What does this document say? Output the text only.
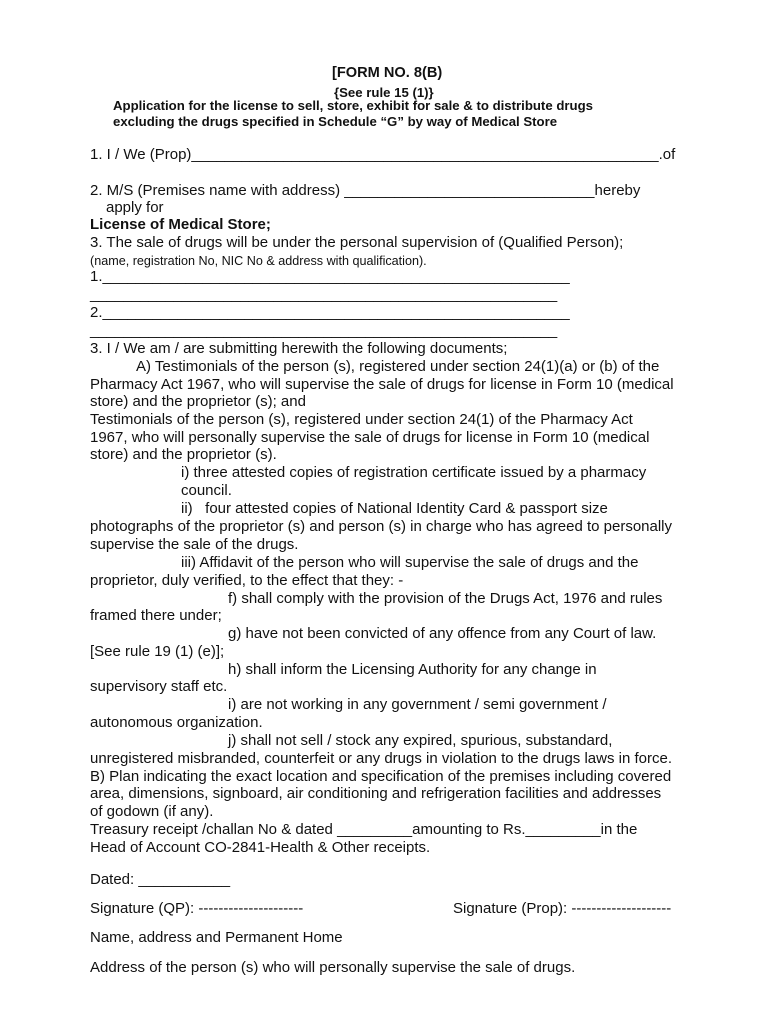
[FORM NO. 8(B)
{See rule 15 (1)}
Application for the license to sell, store, exhibit for sale & to distribute drugs
excluding the drugs specified in Schedule “G” by way of Medical Store
1. I / We (Prop)________________________________________________________.of
2. M/S (Premises name with address) ______________________________hereby
apply for
License of Medical Store;
3. The sale of drugs will be under the personal supervision of (Qualified Person);
(name, registration No, NIC No & address with qualification).
1.________________________________________________________
________________________________________________________
2.________________________________________________________
________________________________________________________
3. I / We am / are submitting herewith the following documents;
A) Testimonials of the person (s), registered under section 24(1)(a) or (b) of the
Pharmacy Act 1967, who will supervise the sale of drugs for license in Form 10 (medical
store) and the proprietor (s); and
Testimonials of the person (s), registered under section 24(1) of the Pharmacy Act
1967, who will personally supervise the sale of drugs for license in Form 10 (medical
store) and the proprietor (s).
i) three attested copies of registration certificate issued by a pharmacy
council.
ii)   four attested copies of National Identity Card & passport size
photographs of the proprietor (s) and person (s) in charge who has agreed to personally
supervise the sale of the drugs.
iii) Affidavit of the person who will supervise the sale of drugs and the
proprietor, duly verified, to the effect that they: -
f) shall comply with the provision of the Drugs Act, 1976 and rules
framed there under;
g) have not been convicted of any offence from any Court of law.
[See rule 19 (1) (e)];
h) shall inform the Licensing Authority for any change in
supervisory staff etc.
i) are not working in any government / semi government /
autonomous organization.
j) shall not sell / stock any expired, spurious, substandard,
unregistered misbranded, counterfeit or any drugs in violation to the drugs laws in force.
B) Plan indicating the exact location and specification of the premises including covered
area, dimensions, signboard, air conditioning and refrigeration facilities and addresses
of godown (if any).
Treasury receipt /challan No & dated _________amounting to Rs._________in the
Head of Account CO-2841-Health & Other receipts.
Dated: ___________
Signature (QP): ---------------------	Signature (Prop): --------------------
Name, address and Permanent Home
Address of the person (s) who will personally supervise the sale of drugs.
